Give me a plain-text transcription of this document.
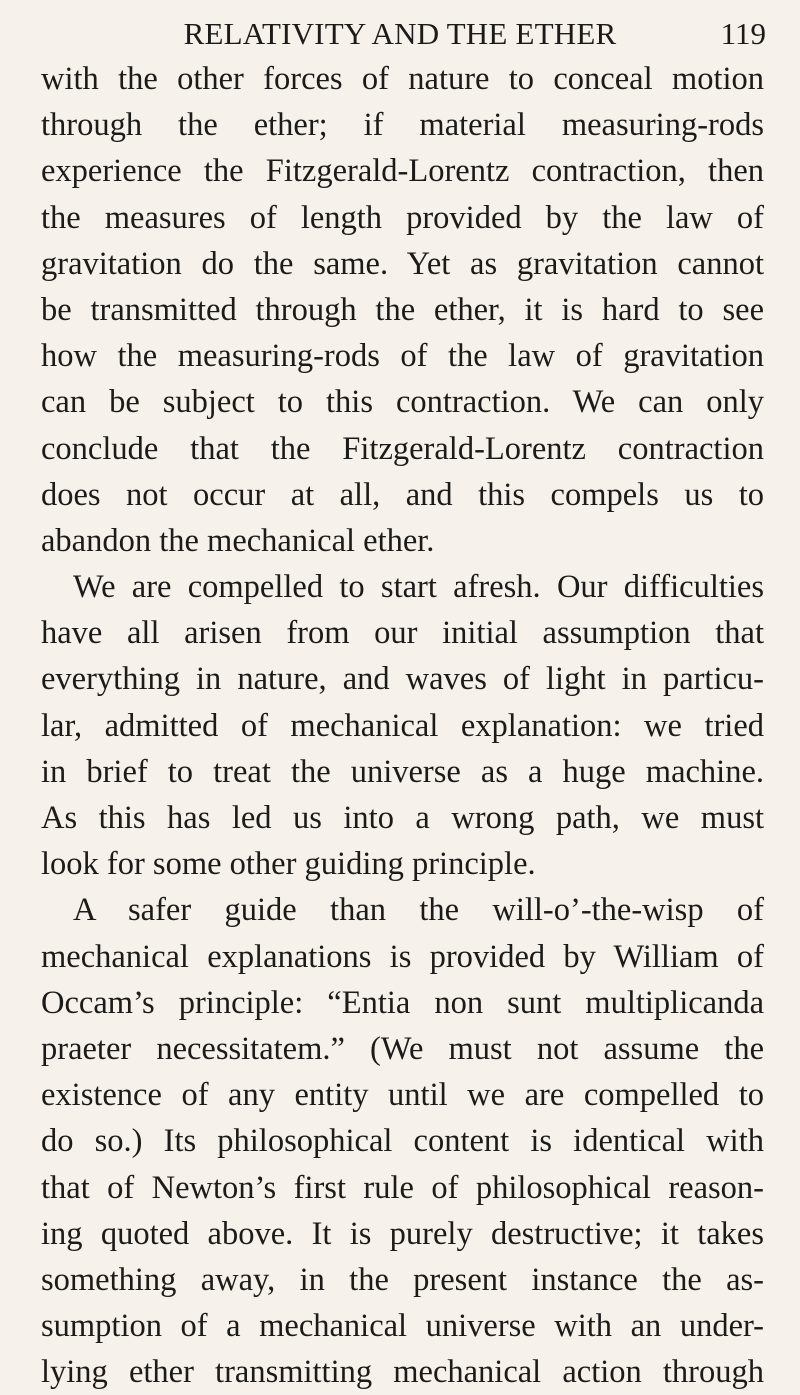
RELATIVITY AND THE ETHER	119
with the other forces of nature to conceal motion
through the ether; if material measuring-rods
experience the Fitzgerald-Lorentz contraction, then
the measures of length provided by the law of
gravitation do the same. Yet as gravitation cannot
be transmitted through the ether, it is hard to see
how the measuring-rods of the law of gravitation
can be subject to this contraction. We can only
conclude that the Fitzgerald-Lorentz contraction
does not occur at all, and this compels us to
abandon the mechanical ether.
We are compelled to start afresh. Our difficulties
have all arisen from our initial assumption that
everything in nature, and waves of light in particu-
lar, admitted of mechanical explanation: we tried
in brief to treat the universe as a huge machine.
As this has led us into a wrong path, we must
look for some other guiding principle.
A safer guide than the will-o’-the-wisp of
mechanical explanations is provided by William of
Occam’s principle: “Entia non sunt multiplicanda
praeter necessitatem.” (We must not assume the
existence of any entity until we are compelled to
do so.) Its philosophical content is identical with
that of Newton’s first rule of philosophical reason-
ing quoted above. It is purely destructive; it takes
something away, in the present instance the as-
sumption of a mechanical universe with an under-
lying ether transmitting mechanical action through
